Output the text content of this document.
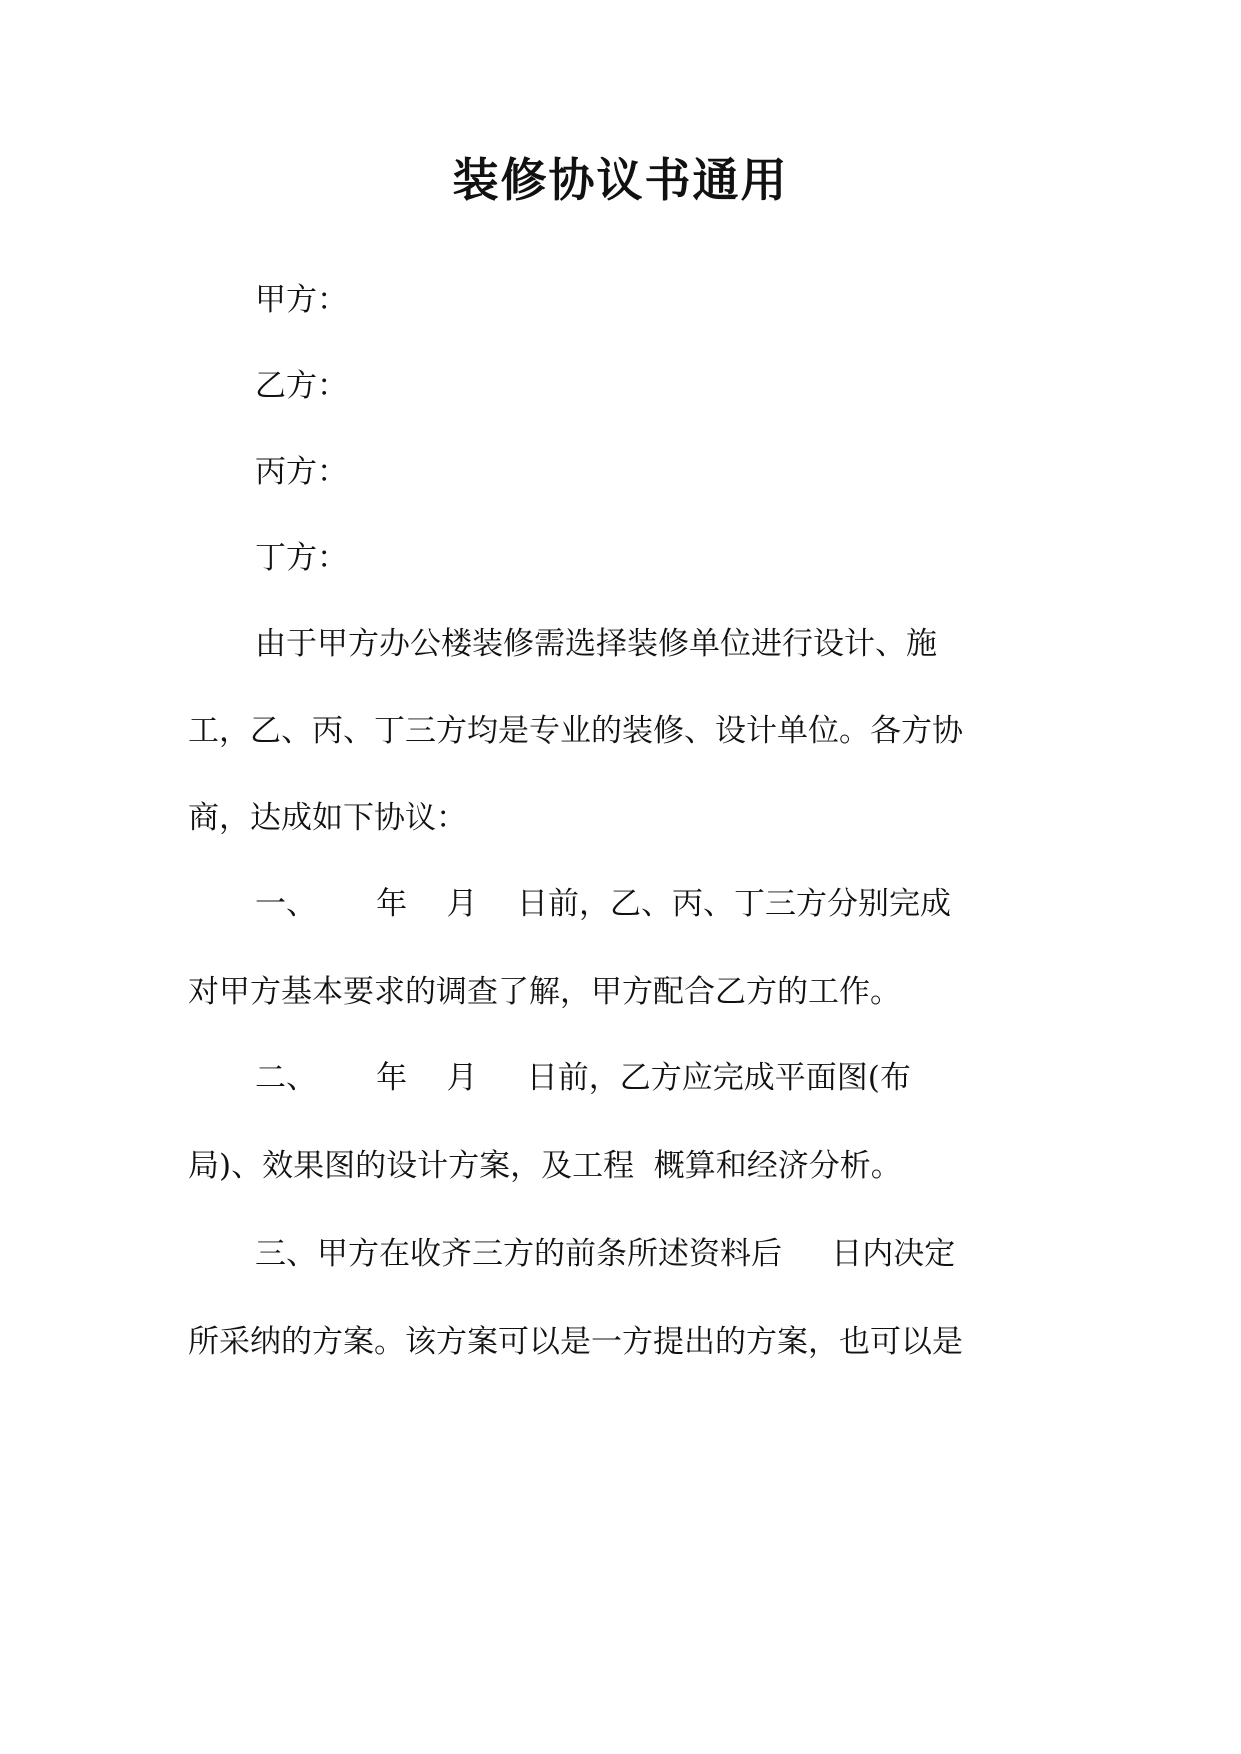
装修协议书通用
甲方：
乙方：
丙方：
丁方：
由于甲方办公楼装修需选择装修单位进行设计、施
工，乙、丙、丁三方均是专业的装修、设计单位。各方协
商，达成如下协议：
一、      年    月    日前，乙、丙、丁三方分别完成
对甲方基本要求的调查了解，甲方配合乙方的工作。
二、      年    月     日前，乙方应完成平面图(布
局)、效果图的设计方案，及工程  概算和经济分析。
三、甲方在收齐三方的前条所述资料后     日内决定
所采纳的方案。该方案可以是一方提出的方案，也可以是
